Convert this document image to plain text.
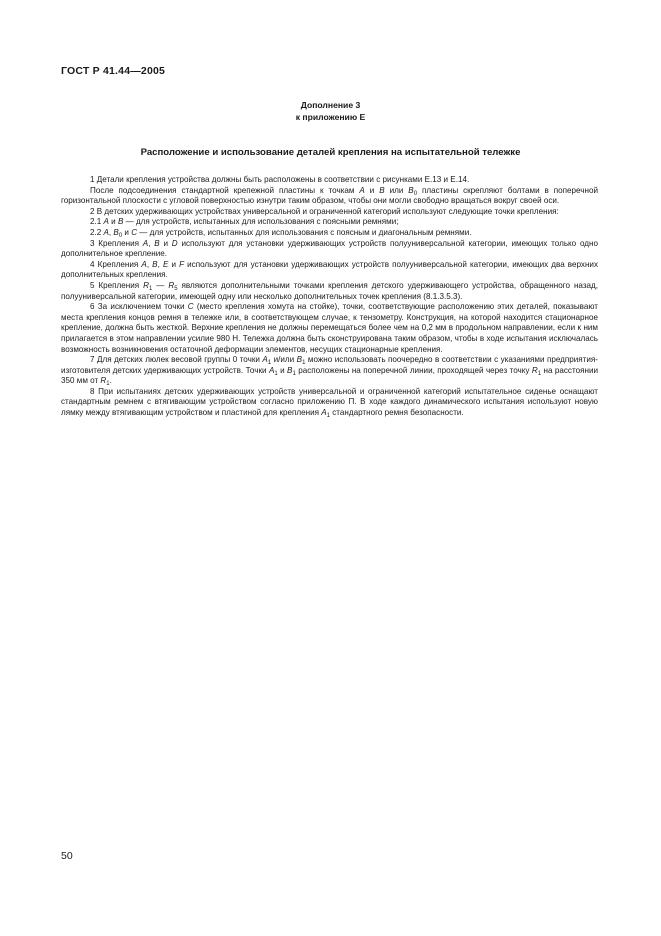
ГОСТ Р 41.44—2005
Дополнение 3
к приложению Е
Расположение и использование деталей крепления на испытательной тележке

1 Детали крепления устройства должны быть расположены в соответствии с рисунками Е.13 и Е.14.

После подсоединения стандартной крепежной пластины к точкам А и В или $В_0$ пластины скрепляют болтами в поперечной горизонтальной плоскости с угловой поверхностью изнутри таким образом, чтобы они могли свободно вращаться вокруг своей оси.

2 В детских удерживающих устройствах универсальной и ограниченной категорий используют следующие точки крепления:

2.1 А и В — для устройств, испытанных для использования с поясными ремнями;

2.2 А, $В_0$ и С — для устройств, испытанных для использования с поясным и диагональным ремнями.

3 Крепления А, В и D используют для установки удерживающих устройств полууниверсальной категории, имеющих только одно дополнительное крепление.

4 Крепления А, В, Е и F используют для установки удерживающих устройств полууниверсальной категории, имеющих два верхних дополнительных крепления.

5 Крепления $R_1$ — $R_5$ являются дополнительными точками крепления детского удерживающего устройства, обращенного назад, полууниверсальной категории, имеющей одну или несколько дополнительных точек крепления (8.1.3.5.3).

6 За исключением точки С (место крепления хомута на стойке), точки, соответствующие расположению этих деталей, показывают места крепления концов ремня в тележке или, в соответствующем случае, к тензометру. Конструкция, на которой находится стационарное крепление, должна быть жесткой. Верхние крепления не должны перемещаться более чем на 0,2 мм в продольном направлении, если к ним прилагается в этом направлении усилие 980 Н. Тележка должна быть сконструирована таким образом, чтобы в ходе испытания исключалась возможность возникновения остаточной деформации элементов, несущих стационарные крепления.

7 Для детских люлек весовой группы 0 точки $А_1$ и/или $В_1$ можно использовать поочередно в соответствии с указаниями предприятия-изготовителя детских удерживающих устройств. Точки $А_1$ и $В_1$ расположены на поперечной линии, проходящей через точку $R_1$ на расстоянии 350 мм от $R_1$.

8 При испытаниях детских удерживающих устройств универсальной и ограниченной категорий испытательное сиденье оснащают стандартным ремнем с втягивающим устройством согласно приложению П. В ходе каждого динамического испытания используют новую лямку между втягивающим устройством и пластиной для крепления $А_1$ стандартного ремня безопасности.

50
